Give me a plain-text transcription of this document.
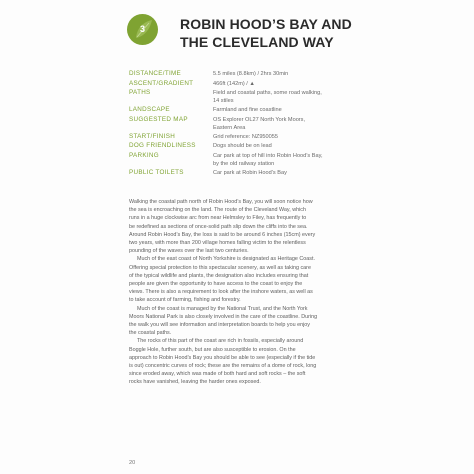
3	ROBIN HOOD’S BAY AND
THE CLEVELAND WAY
DISTANCE/TIME	5.5 miles (8.8km) / 2hrs 30min
ASCENT/GRADIENT	466ft (142m) / ▲
PATHS	Field and coastal paths, some road walking,
14 stiles
LANDSCAPE	Farmland and fine coastline
SUGGESTED MAP	OS Explorer OL27 North York Moors,
Eastern Area
START/FINISH	Grid reference: NZ950055
DOG FRIENDLINESS	Dogs should be on lead
PARKING	Car park at top of hill into Robin Hood’s Bay,
by the old railway station
PUBLIC TOILETS	Car park at Robin Hood’s Bay

Walking the coastal path north of Robin Hood’s Bay, you will soon notice how
the sea is encroaching on the land. The route of the Cleveland Way, which
runs in a huge clockwise arc from near Helmsley to Filey, has frequently to
be redefined as sections of once-solid path slip down the cliffs into the sea.
Around Robin Hood’s Bay, the loss is said to be around 6 inches (15cm) every
two years, with more than 200 village homes falling victim to the relentless
pounding of the waves over the last two centuries.

Much of the east coast of North Yorkshire is designated as Heritage Coast.
Offering special protection to this spectacular scenery, as well as taking care
of the typical wildlife and plants, the designation also includes ensuring that
people are given the opportunity to have access to the coast to enjoy the
views. There is also a requirement to look after the inshore waters, as well as
to take account of farming, fishing and forestry.

Much of the coast is managed by the National Trust, and the North York
Moors National Park is also closely involved in the care of the coastline. During
the walk you will see information and interpretation boards to help you enjoy
the coastal paths.

The rocks of this part of the coast are rich in fossils, especially around
Boggle Hole, further south, but are also susceptible to erosion. On the
approach to Robin Hood’s Bay you should be able to see (especially if the tide
is out) concentric curves of rock; these are the remains of a dome of rock, long
since eroded away, which was made of both hard and soft rocks – the soft
rocks have vanished, leaving the harder ones exposed.

20
